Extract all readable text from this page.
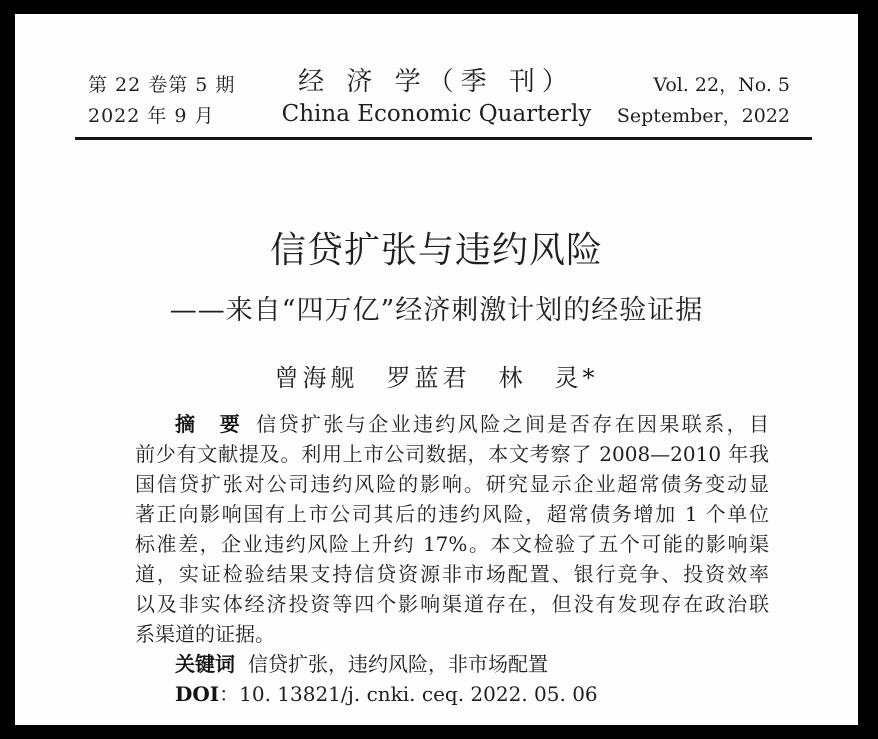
第 22 卷第 5 期
2022 年 9 月
经 济 学（季 刊）
China Economic Quarterly
Vol. 22，No. 5
September，2022
信贷扩张与违约风险
——来自“四万亿”经济刺激计划的经验证据
曾海舰　罗蓝君　林　灵*
摘　要 信贷扩张与企业违约风险之间是否存在因果联系，目
前少有文献提及。利用上市公司数据，本文考察了 2008—2010 年我
国信贷扩张对公司违约风险的影响。研究显示企业超常债务变动显
著正向影响国有上市公司其后的违约风险，超常债务增加 1 个单位
标准差，企业违约风险上升约 17%。本文检验了五个可能的影响渠
道，实证检验结果支持信贷资源非市场配置、银行竞争、投资效率
以及非实体经济投资等四个影响渠道存在，但没有发现存在政治联
系渠道的证据。
关键词 信贷扩张，违约风险，非市场配置
DOI：10. 13821/j. cnki. ceq. 2022. 05. 06
